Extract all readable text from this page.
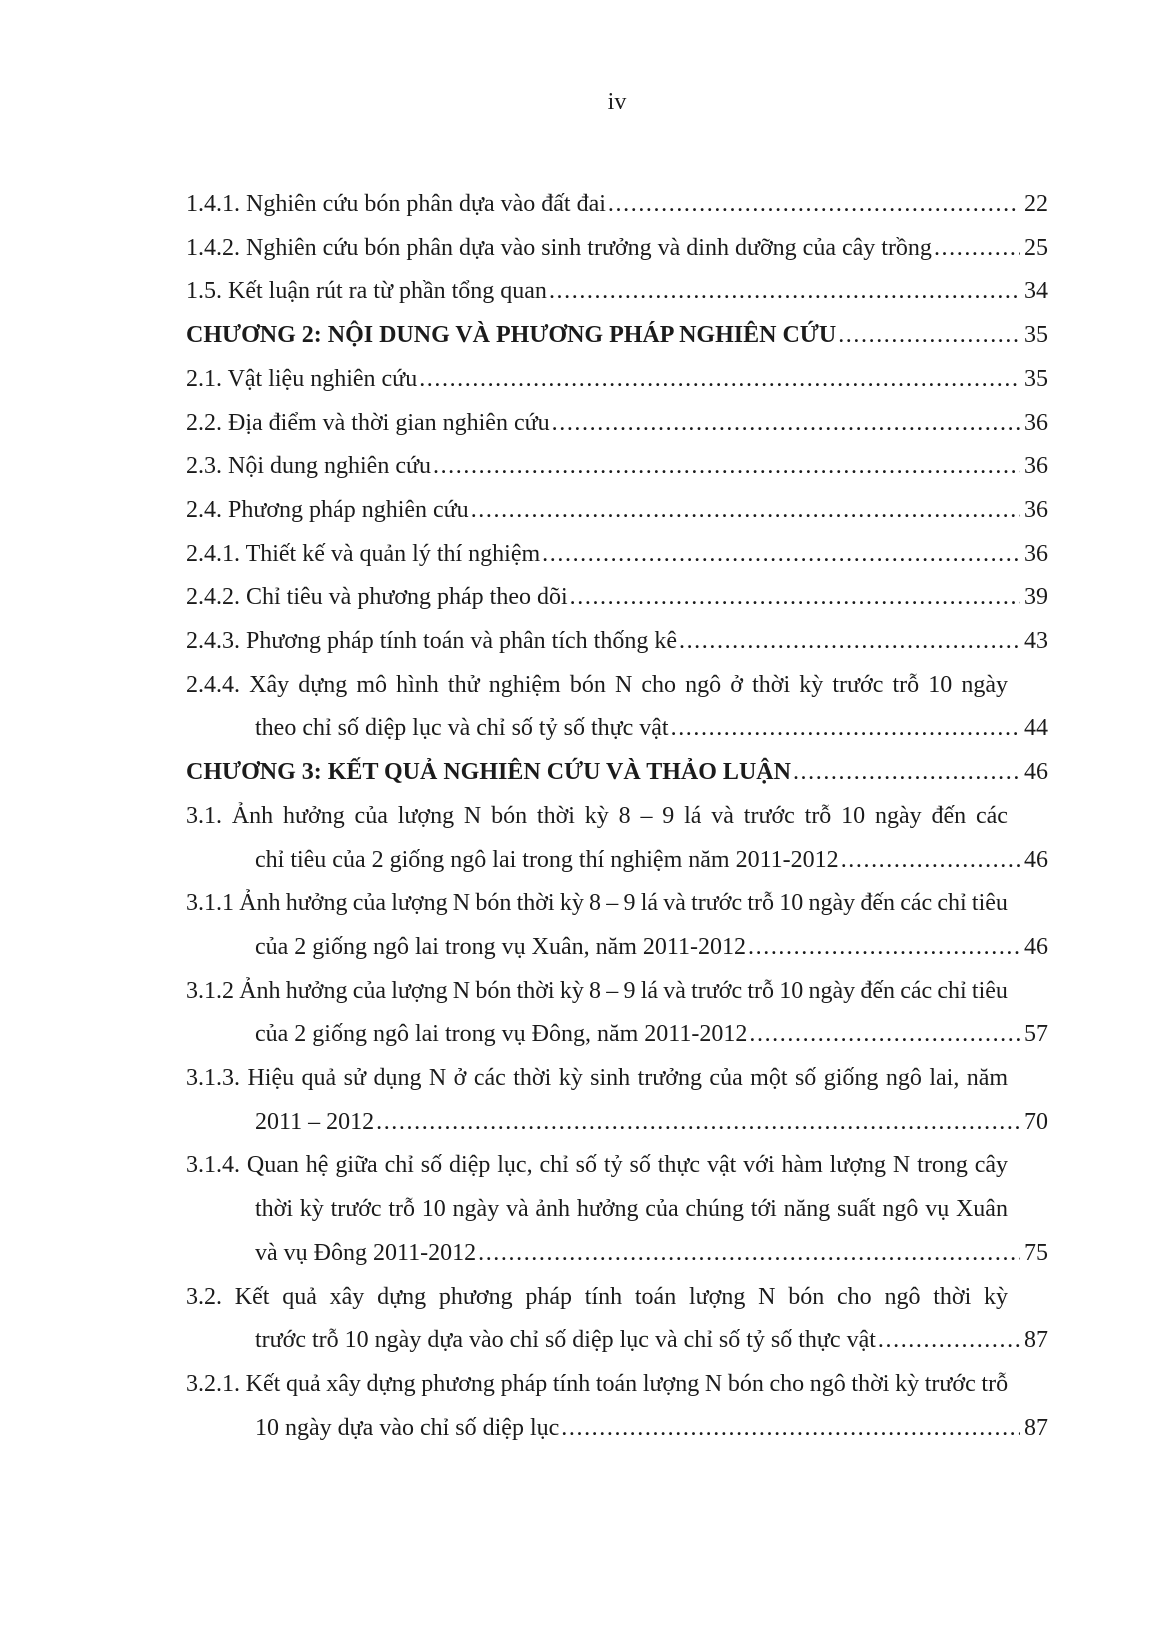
iv
1.4.1. Nghiên cứu bón phân dựa vào đất đai .....	22
1.4.2. Nghiên cứu bón phân dựa vào sinh trưởng và dinh dưỡng của cây trồng .....	25
1.5. Kết luận rút ra từ phần tổng quan .....	34
CHƯƠNG 2: NỘI DUNG VÀ PHƯƠNG PHÁP NGHIÊN CỨU .....	35
2.1. Vật liệu nghiên cứu .....	35
2.2. Địa điểm và thời gian nghiên cứu .....	36
2.3. Nội dung nghiên cứu .....	36
2.4. Phương pháp nghiên cứu .....	36
2.4.1. Thiết kế và quản lý thí nghiệm .....	36
2.4.2. Chỉ tiêu và phương pháp theo dõi .....	39
2.4.3. Phương pháp tính toán và phân tích thống kê .....	43
2.4.4. Xây dựng mô hình thử nghiệm bón N cho ngô ở thời kỳ trước trỗ 10 ngày
theo chỉ số diệp lục và chỉ số tỷ số thực vật .....	44
CHƯƠNG 3: KẾT QUẢ NGHIÊN CỨU VÀ THẢO LUẬN .....	46
3.1. Ảnh hưởng của lượng N bón thời kỳ 8 – 9 lá và trước trỗ 10 ngày đến các
chỉ tiêu của 2 giống ngô lai trong thí nghiệm năm 2011-2012 .....	46
3.1.1 Ảnh hưởng của lượng N bón thời kỳ 8 – 9 lá và trước trỗ 10 ngày đến các chỉ tiêu
của 2 giống ngô lai trong vụ Xuân, năm 2011-2012 .....	46
3.1.2 Ảnh hưởng của lượng N bón thời kỳ 8 – 9 lá và trước trỗ 10 ngày đến các chỉ tiêu
của 2 giống ngô lai trong vụ Đông, năm 2011-2012 .....	57
3.1.3. Hiệu quả sử dụng N ở các thời kỳ sinh trưởng của một số giống ngô lai, năm
2011 – 2012 .....	70
3.1.4. Quan hệ giữa chỉ số diệp lục, chỉ số tỷ số thực vật với hàm lượng N trong cây
thời kỳ trước trỗ 10 ngày và ảnh hưởng của chúng tới năng suất ngô vụ Xuân
và vụ Đông 2011-2012 .....	75
3.2. Kết quả xây dựng phương pháp tính toán lượng N bón cho ngô thời kỳ
trước trỗ 10 ngày dựa vào chỉ số diệp lục và chỉ số tỷ số thực vật .....	87
3.2.1. Kết quả xây dựng phương pháp tính toán lượng N bón cho ngô thời kỳ trước trỗ
10 ngày dựa vào chỉ số diệp lục .....	87
